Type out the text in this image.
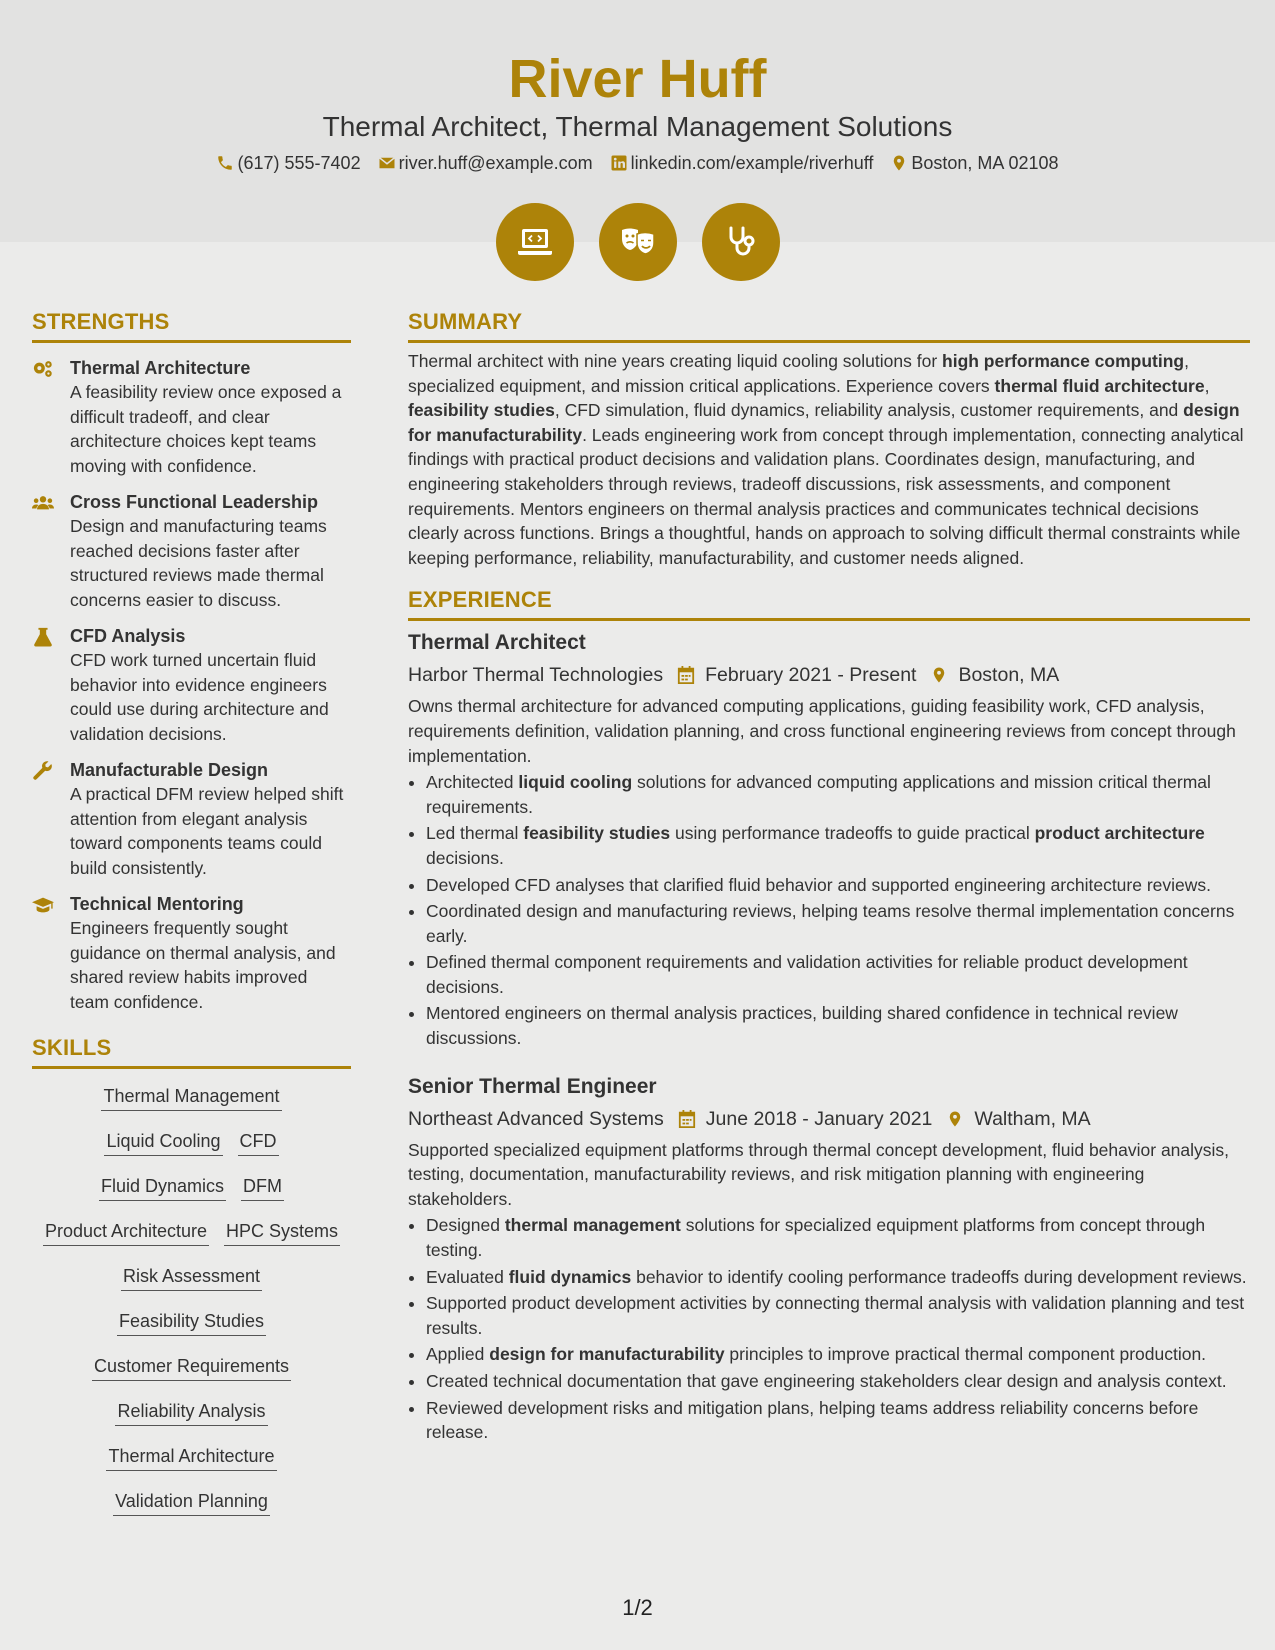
River Huff
Thermal Architect, Thermal Management Solutions
(617) 555-7402 river.huff@example.com linkedin.com/example/riverhuff Boston, MA 02108
STRENGTHS
Thermal Architecture
A feasibility review once exposed a difficult tradeoff, and clear architecture choices kept teams moving with confidence.
Cross Functional Leadership
Design and manufacturing teams reached decisions faster after structured reviews made thermal concerns easier to discuss.
CFD Analysis
CFD work turned uncertain fluid behavior into evidence engineers could use during architecture and validation decisions.
Manufacturable Design
A practical DFM review helped shift attention from elegant analysis toward components teams could build consistently.
Technical Mentoring
Engineers frequently sought guidance on thermal analysis, and shared review habits improved team confidence.
SKILLS
Thermal Management
Liquid Cooling CFD
Fluid Dynamics DFM
Product Architecture HPC Systems
Risk Assessment
Feasibility Studies
Customer Requirements
Reliability Analysis
Thermal Architecture
Validation Planning
SUMMARY

Thermal architect with nine years creating liquid cooling solutions for high performance computing, specialized equipment, and mission critical applications. Experience covers thermal fluid architecture, feasibility studies, CFD simulation, fluid dynamics, reliability analysis, customer requirements, and design for manufacturability. Leads engineering work from concept through implementation, connecting analytical findings with practical product decisions and validation plans. Coordinates design, manufacturing, and engineering stakeholders through reviews, tradeoff discussions, risk assessments, and component requirements. Mentors engineers on thermal analysis practices and communicates technical decisions clearly across functions. Brings a thoughtful, hands on approach to solving difficult thermal constraints while keeping performance, reliability, manufacturability, and customer needs aligned.

EXPERIENCE
Thermal Architect
Harbor Thermal Technologies February 2021 - Present Boston, MA
Owns thermal architecture for advanced computing applications, guiding feasibility work, CFD analysis, requirements definition, validation planning, and cross functional engineering reviews from concept through implementation.
• Architected liquid cooling solutions for advanced computing applications and mission critical thermal requirements.
• Led thermal feasibility studies using performance tradeoffs to guide practical product architecture decisions.
• Developed CFD analyses that clarified fluid behavior and supported engineering architecture reviews.
• Coordinated design and manufacturing reviews, helping teams resolve thermal implementation concerns early.
• Defined thermal component requirements and validation activities for reliable product development decisions.
• Mentored engineers on thermal analysis practices, building shared confidence in technical review discussions.
Senior Thermal Engineer
Northeast Advanced Systems June 2018 - January 2021 Waltham, MA
Supported specialized equipment platforms through thermal concept development, fluid behavior analysis, testing, documentation, manufacturability reviews, and risk mitigation planning with engineering stakeholders.
• Designed thermal management solutions for specialized equipment platforms from concept through testing.
• Evaluated fluid dynamics behavior to identify cooling performance tradeoffs during development reviews.
• Supported product development activities by connecting thermal analysis with validation planning and test results.
• Applied design for manufacturability principles to improve practical thermal component production.
• Created technical documentation that gave engineering stakeholders clear design and analysis context.
• Reviewed development risks and mitigation plans, helping teams address reliability concerns before release.
1/2
